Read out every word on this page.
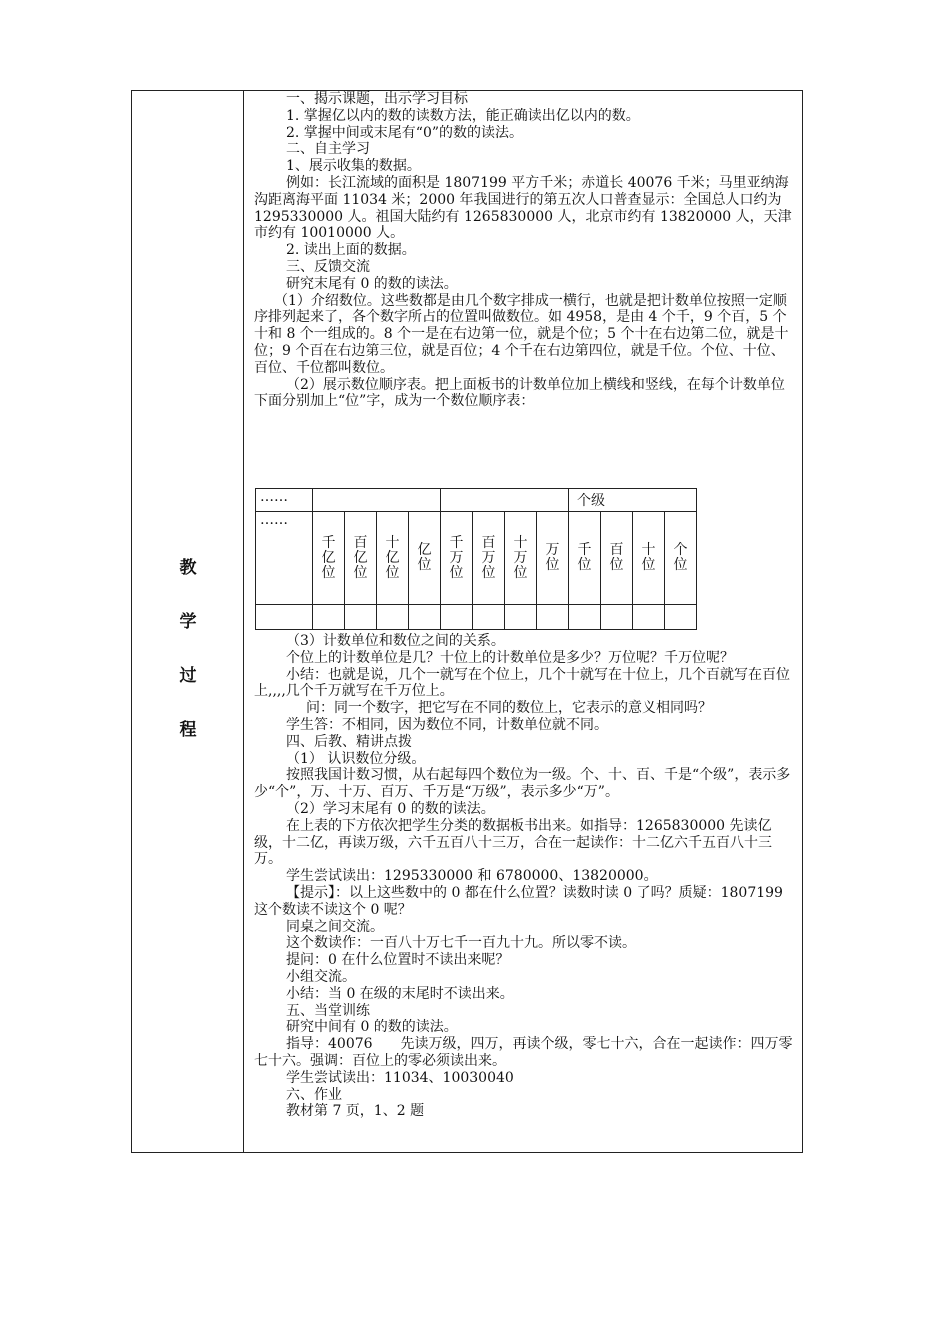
教
学
过
程

一、揭示课题，出示学习目标

1. 掌握亿以内的数的读数方法，能正确读出亿以内的数。

2. 掌握中间或末尾有“0”的数的读法。

二、自主学习

1、展示收集的数据。

例如：长江流域的面积是 1807199 平方千米；赤道长 40076 千米；马里亚纳海沟距离海平面 11034 米；2000 年我国进行的第五次人口普查显示：全国总人口约为 1295330000 人。祖国大陆约有 1265830000 人，北京市约有 13820000 人，天津市约有 10010000 人。

2. 读出上面的数据。

三、反馈交流

研究末尾有 0 的数的读法。

（1）介绍数位。这些数都是由几个数字排成一横行，也就是把计数单位按照一定顺序排列起来了，各个数字所占的位置叫做数位。如 4958，是由 4 个千，9 个百，5 个十和 8 个一组成的。8 个一是在右边第一位，就是个位；5 个十在右边第二位，就是十位；9 个百在右边第三位，就是百位；4 个千在右边第四位，就是千位。个位、十位、百位、千位都叫数位。

（2）展示数位顺序表。把上面板书的计数单位加上横线和竖线，在每个计数单位下面分别加上“位”字，成为一个数位顺序表：

……									个级			
……	千亿位	百亿位	十亿位	亿位	千万位	百万位	十万位	万位	千位	百位	十位	个位

（3）计数单位和数位之间的关系。

个位上的计数单位是几？十位上的计数单位是多少？万位呢？千万位呢？

小结：也就是说，几个一就写在个位上，几个十就写在十位上，几个百就写在百位上,,,,几个千万就写在千万位上。

问：同一个数字，把它写在不同的数位上，它表示的意义相同吗？

学生答：不相同，因为数位不同，计数单位就不同。

四、后教、精讲点拨

（1） 认识数位分级。

按照我国计数习惯，从右起每四个数位为一级。个、十、百、千是“个级”，表示多少“个”，万、十万、百万、千万是“万级”，表示多少“万”。

（2）学习末尾有 0 的数的读法。

在上表的下方依次把学生分类的数据板书出来。如指导：1265830000 先读亿级，十二亿，再读万级，六千五百八十三万，合在一起读作：十二亿六千五百八十三万。

学生尝试读出：1295330000 和 6780000、13820000。

【提示】：以上这些数中的 0 都在什么位置？读数时读 0 了吗？质疑：1807199 这个数读不读这个 0 呢？

同桌之间交流。

这个数读作：一百八十万七千一百九十九。所以零不读。

提问：0 在什么位置时不读出来呢？

小组交流。

小结：当 0 在级的末尾时不读出来。

五、当堂训练

研究中间有 0 的数的读法。

指导：40076　　先读万级，四万，再读个级，零七十六，合在一起读作：四万零七十六。强调：百位上的零必须读出来。

学生尝试读出：11034、10030040

六、作业

教材第 7 页，1、2 题
